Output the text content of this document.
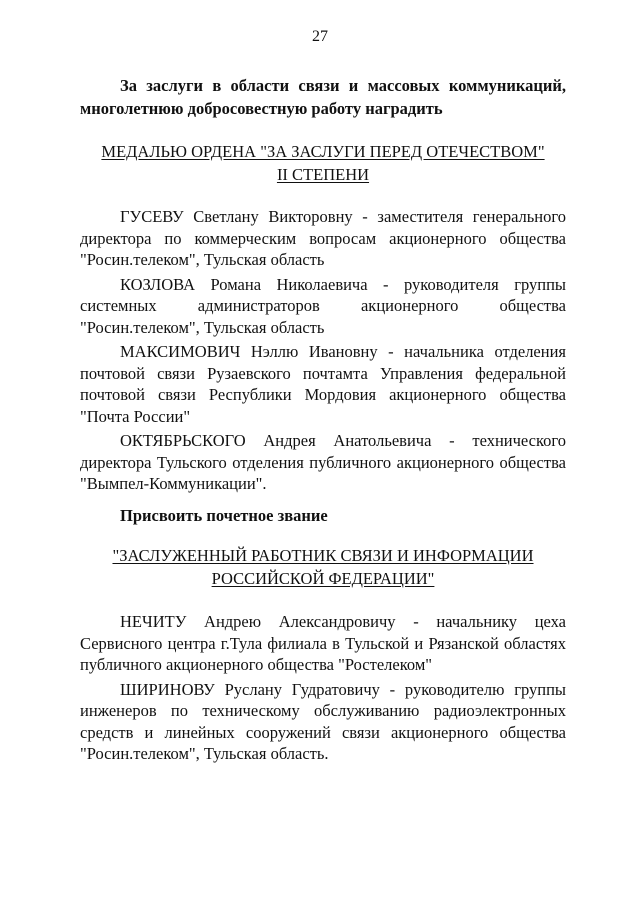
27
За заслуги в области связи и массовых коммуникаций, многолетнюю добросовестную работу наградить
МЕДАЛЬЮ ОРДЕНА "ЗА ЗАСЛУГИ ПЕРЕД ОТЕЧЕСТВОМ"
II СТЕПЕНИ

ГУСЕВУ Светлану Викторовну - заместителя генерального директора по коммерческим вопросам акционерного общества "Росин.телеком", Тульская область

КОЗЛОВА Романа Николаевича - руководителя группы системных администраторов акционерного общества "Росин.телеком", Тульская область

МАКСИМОВИЧ Нэллю Ивановну - начальника отделения почтовой связи Рузаевского почтамта Управления федеральной почтовой связи Республики Мордовия акционерного общества "Почта России"

ОКТЯБРЬСКОГО Андрея Анатольевича - технического директора Тульского отделения публичного акционерного общества "Вымпел-Коммуникации".

Присвоить почетное звание
"ЗАСЛУЖЕННЫЙ РАБОТНИК СВЯЗИ И ИНФОРМАЦИИ
РОССИЙСКОЙ ФЕДЕРАЦИИ"

НЕЧИТУ Андрею Александровичу - начальнику цеха Сервисного центра г.Тула филиала в Тульской и Рязанской областях публичного акционерного общества "Ростелеком"

ШИРИНОВУ Руслану Гудратовичу - руководителю группы инженеров по техническому обслуживанию радиоэлектронных средств и линейных сооружений связи акционерного общества "Росин.телеком", Тульская область.
